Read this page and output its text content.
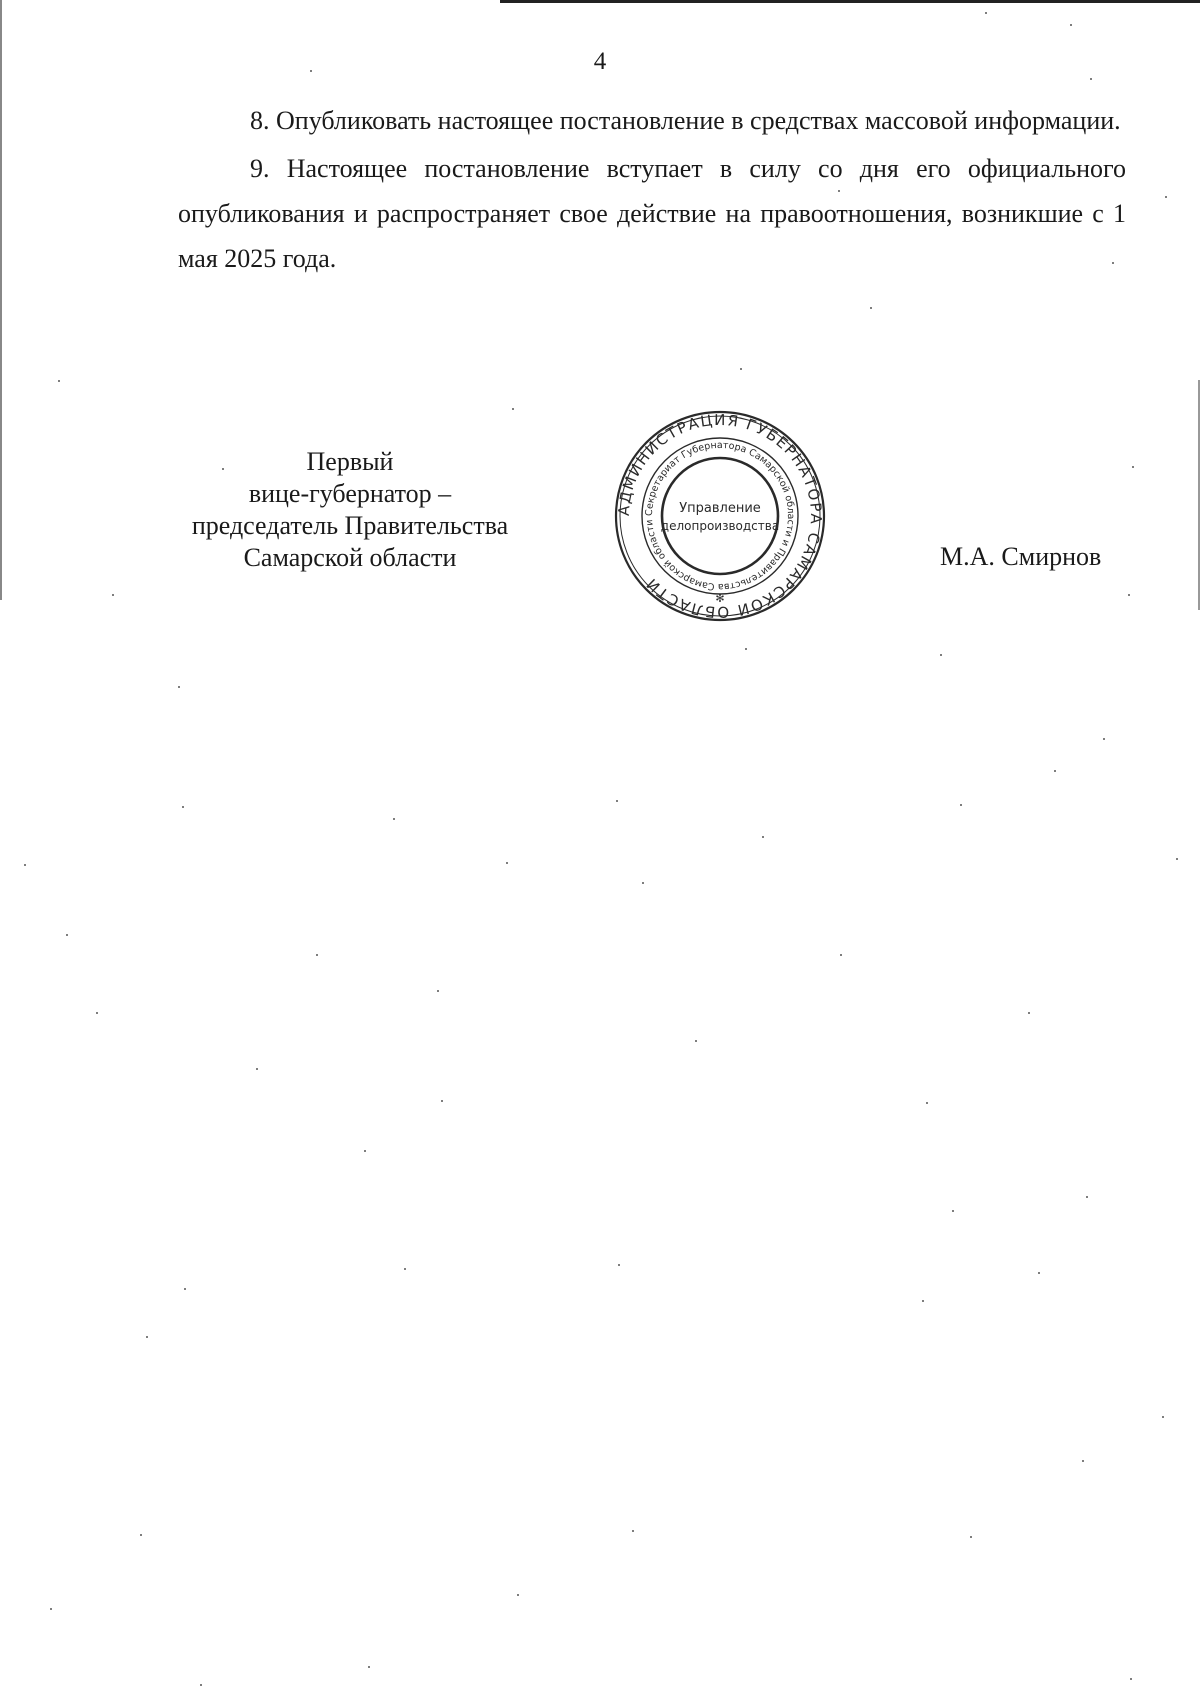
4

8. Опубликовать настоящее постановление в средствах массовой информации.

9. Настоящее постановление вступает в силу со дня его официального опубликования и распространяет свое действие на правоотношения, возникшие с 1 мая 2025 года.

Первый
вице-губернатор –
председатель Правительства
Самарской области
АДМИНИСТРАЦИЯ ГУБЕРНАТОРА САМАРСКОЙ ОБЛАСТИ
Секретариат Губернатора Самарской области и Правительства Самарской области
Управление
делопроизводства
✻
М.А. Смирнов
